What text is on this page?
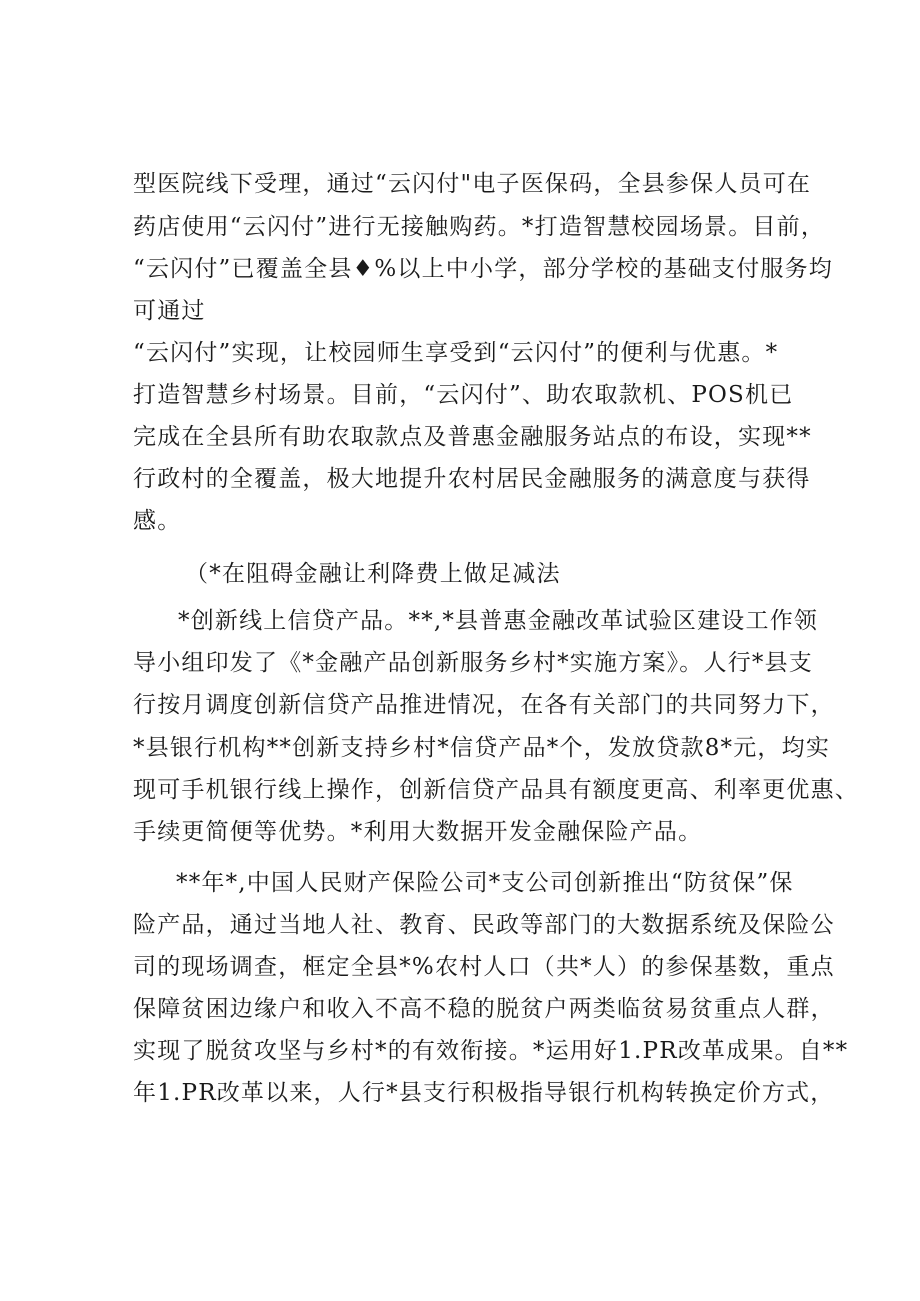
型医院线下受理，通过“云闪付"电子医保码，全县参保人员可在
药店使用“云闪付”进行无接触购药。*打造智慧校园场景。目前，
“云闪付”已覆盖全县♦%以上中小学，部分学校的基础支付服务均
可通过
“云闪付”实现，让校园师生享受到“云闪付”的便利与优惠。*
打造智慧乡村场景。目前，“云闪付”、助农取款机、POS机已
完成在全县所有助农取款点及普惠金融服务站点的布设，实现**
行政村的全覆盖，极大地提升农村居民金融服务的满意度与获得
感。
（*在阻碍金融让利降费上做足减法
*创新线上信贷产品。**,*县普惠金融改革试验区建设工作领
导小组印发了《*金融产品创新服务乡村*实施方案》。人行*县支
行按月调度创新信贷产品推进情况，在各有关部门的共同努力下，
*县银行机构**创新支持乡村*信贷产品*个，发放贷款8*元，均实
现可手机银行线上操作，创新信贷产品具有额度更高、利率更优惠、
手续更简便等优势。*利用大数据开发金融保险产品。
**年*,中国人民财产保险公司*支公司创新推出“防贫保”保
险产品，通过当地人社、教育、民政等部门的大数据系统及保险公
司的现场调查，框定全县*%农村人口（共*人）的参保基数，重点
保障贫困边缘户和收入不高不稳的脱贫户两类临贫易贫重点人群，
实现了脱贫攻坚与乡村*的有效衔接。*运用好1.PR改革成果。自**
年1.PR改革以来，人行*县支行积极指导银行机构转换定价方式，
